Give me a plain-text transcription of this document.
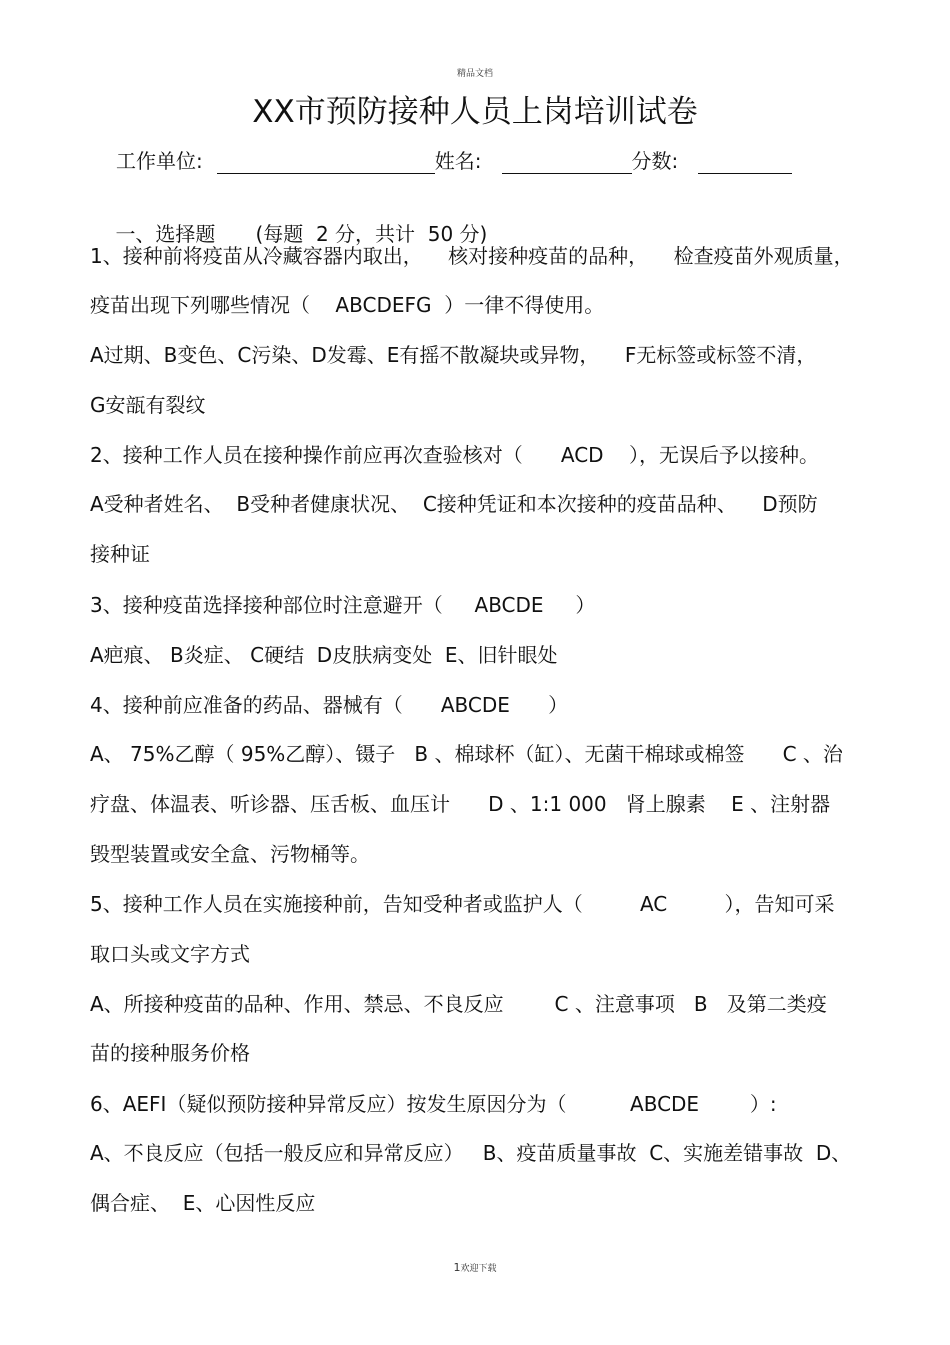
精品文档
XX市预防接种人员上岗培训试卷
工作单位:	姓名:	分数:

一、选择题 (每题  2 分，共计  50 分)

1、接种前将疫苗从冷藏容器内取出，    核对接种疫苗的品种，    检查疫苗外观质量，
疫苗出现下列哪些情况（    ABCDEFG  ）一律不得使用。
A过期、B变色、C污染、D发霉、E有摇不散凝块或异物，    F无标签或标签不清，
G安瓿有裂纹
2、接种工作人员在接种操作前应再次查验核对（      ACD    ），无误后予以接种。
A受种者姓名、  B受种者健康状况、  C接种凭证和本次接种的疫苗品种、    D预防
接种证
3、接种疫苗选择接种部位时注意避开（     ABCDE     ）
A疤痕、 B炎症、 C硬结  D皮肤病变处  E、旧针眼处
4、接种前应准备的药品、器械有（      ABCDE      ）
A、 75%乙醇（ 95%乙醇）、镊子   B 、棉球杯（缸）、无菌干棉球或棉签      C 、治
疗盘、体温表、听诊器、压舌板、血压计      D 、1:1 000   肾上腺素    E 、注射器
毁型装置或安全盒、污物桶等。
5、接种工作人员在实施接种前，告知受种者或监护人（         AC         ），告知可采
取口头或文字方式
A、所接种疫苗的品种、作用、禁忌、不良反应        C 、注意事项   B   及第二类疫
苗的接种服务价格
6、AEFI（疑似预防接种异常反应）按发生原因分为（          ABCDE        ）:
A、不良反应（包括一般反应和异常反应）   B、疫苗质量事故  C、实施差错事故  D、
偶合症、  E、心因性反应
1欢迎下载
